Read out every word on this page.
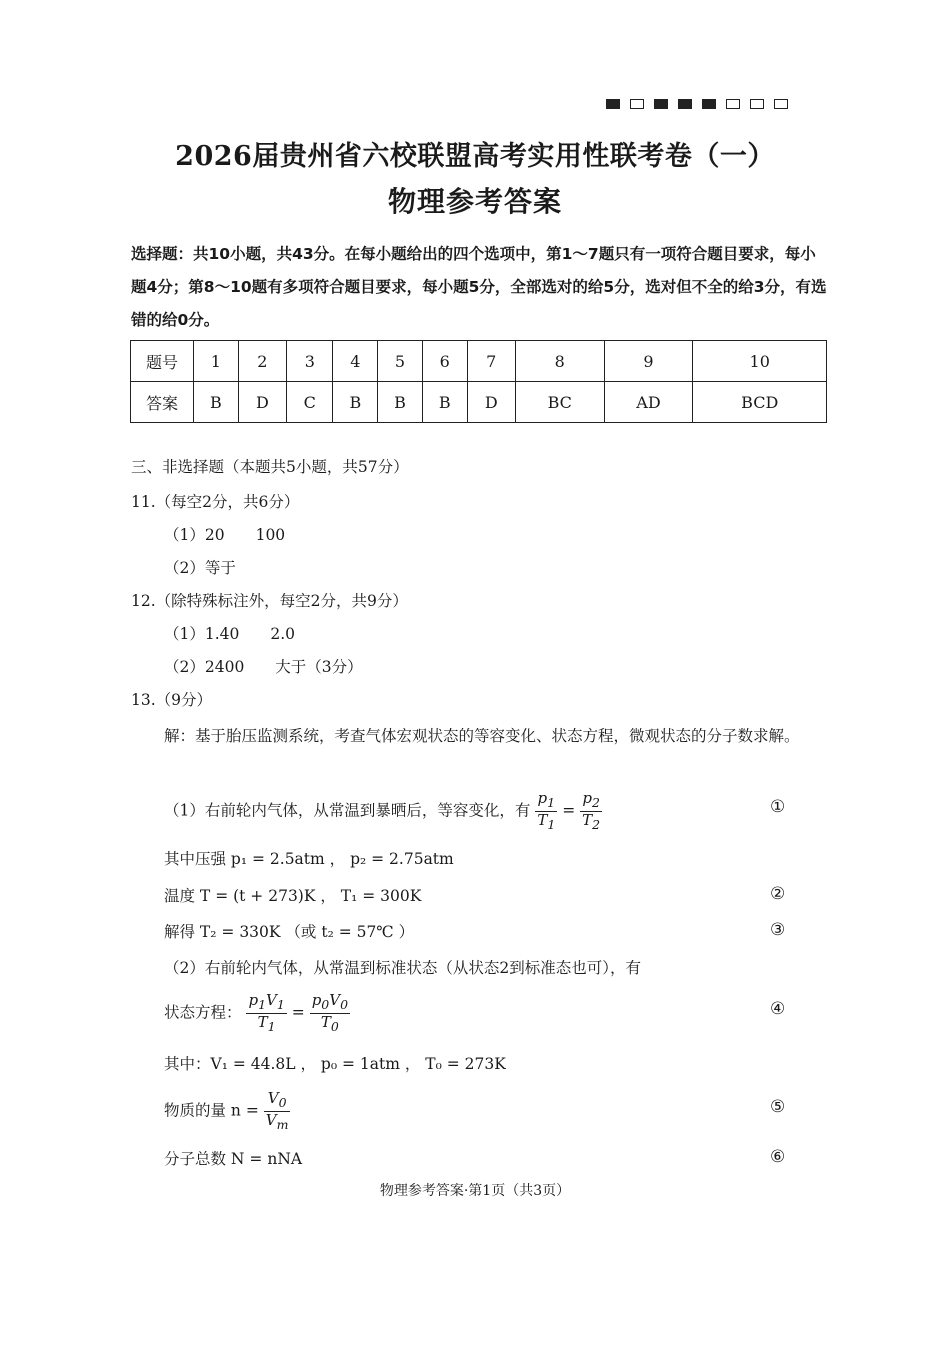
2026届贵州省六校联盟高考实用性联考卷（一）
物理参考答案
选择题：共10小题，共43分。在每小题给出的四个选项中，第1～7题只有一项符合题目要求，每小题4分；第8～10题有多项符合题目要求，每小题5分，全部选对的给5分，选对但不全的给3分，有选错的给0分。
题号	1	2	3	4	5	6	7	8	9	10
答案	B	D	C	B	B	B	D	BC	AD	BCD
三、非选择题（本题共5小题，共57分）
11.（每空2分，共6分）
（1）20　　100
（2）等于
12.（除特殊标注外，每空2分，共9分）
（1）1.40　　2.0
（2）2400　　大于（3分）
13.（9分）
解：基于胎压监测系统，考查气体宏观状态的等容变化、状态方程，微观状态的分子数求解。
（1）右前轮内气体，从常温到暴晒后，等容变化，有 $\frac{p_1}{T_1} = \frac{p_2}{T_2}$	①
其中压强 p₁ = 2.5atm ， p₂ = 2.75atm
温度 T = (t + 273)K ， T₁ = 300K	②
解得 T₂ = 330K （或 t₂ = 57℃ ）	③
（2）右前轮内气体，从常温到标准状态（从状态2到标准态也可），有
状态方程： $\frac{p_1V_1}{T_1} = \frac{p_0V_0}{T_0}$	④
其中：V₁ = 44.8L ， p₀ = 1atm ， T₀ = 273K
物质的量 $n = \frac{V_0}{V_m}$	⑤
分子总数 N = nNA	⑥
物理参考答案·第1页（共3页）
